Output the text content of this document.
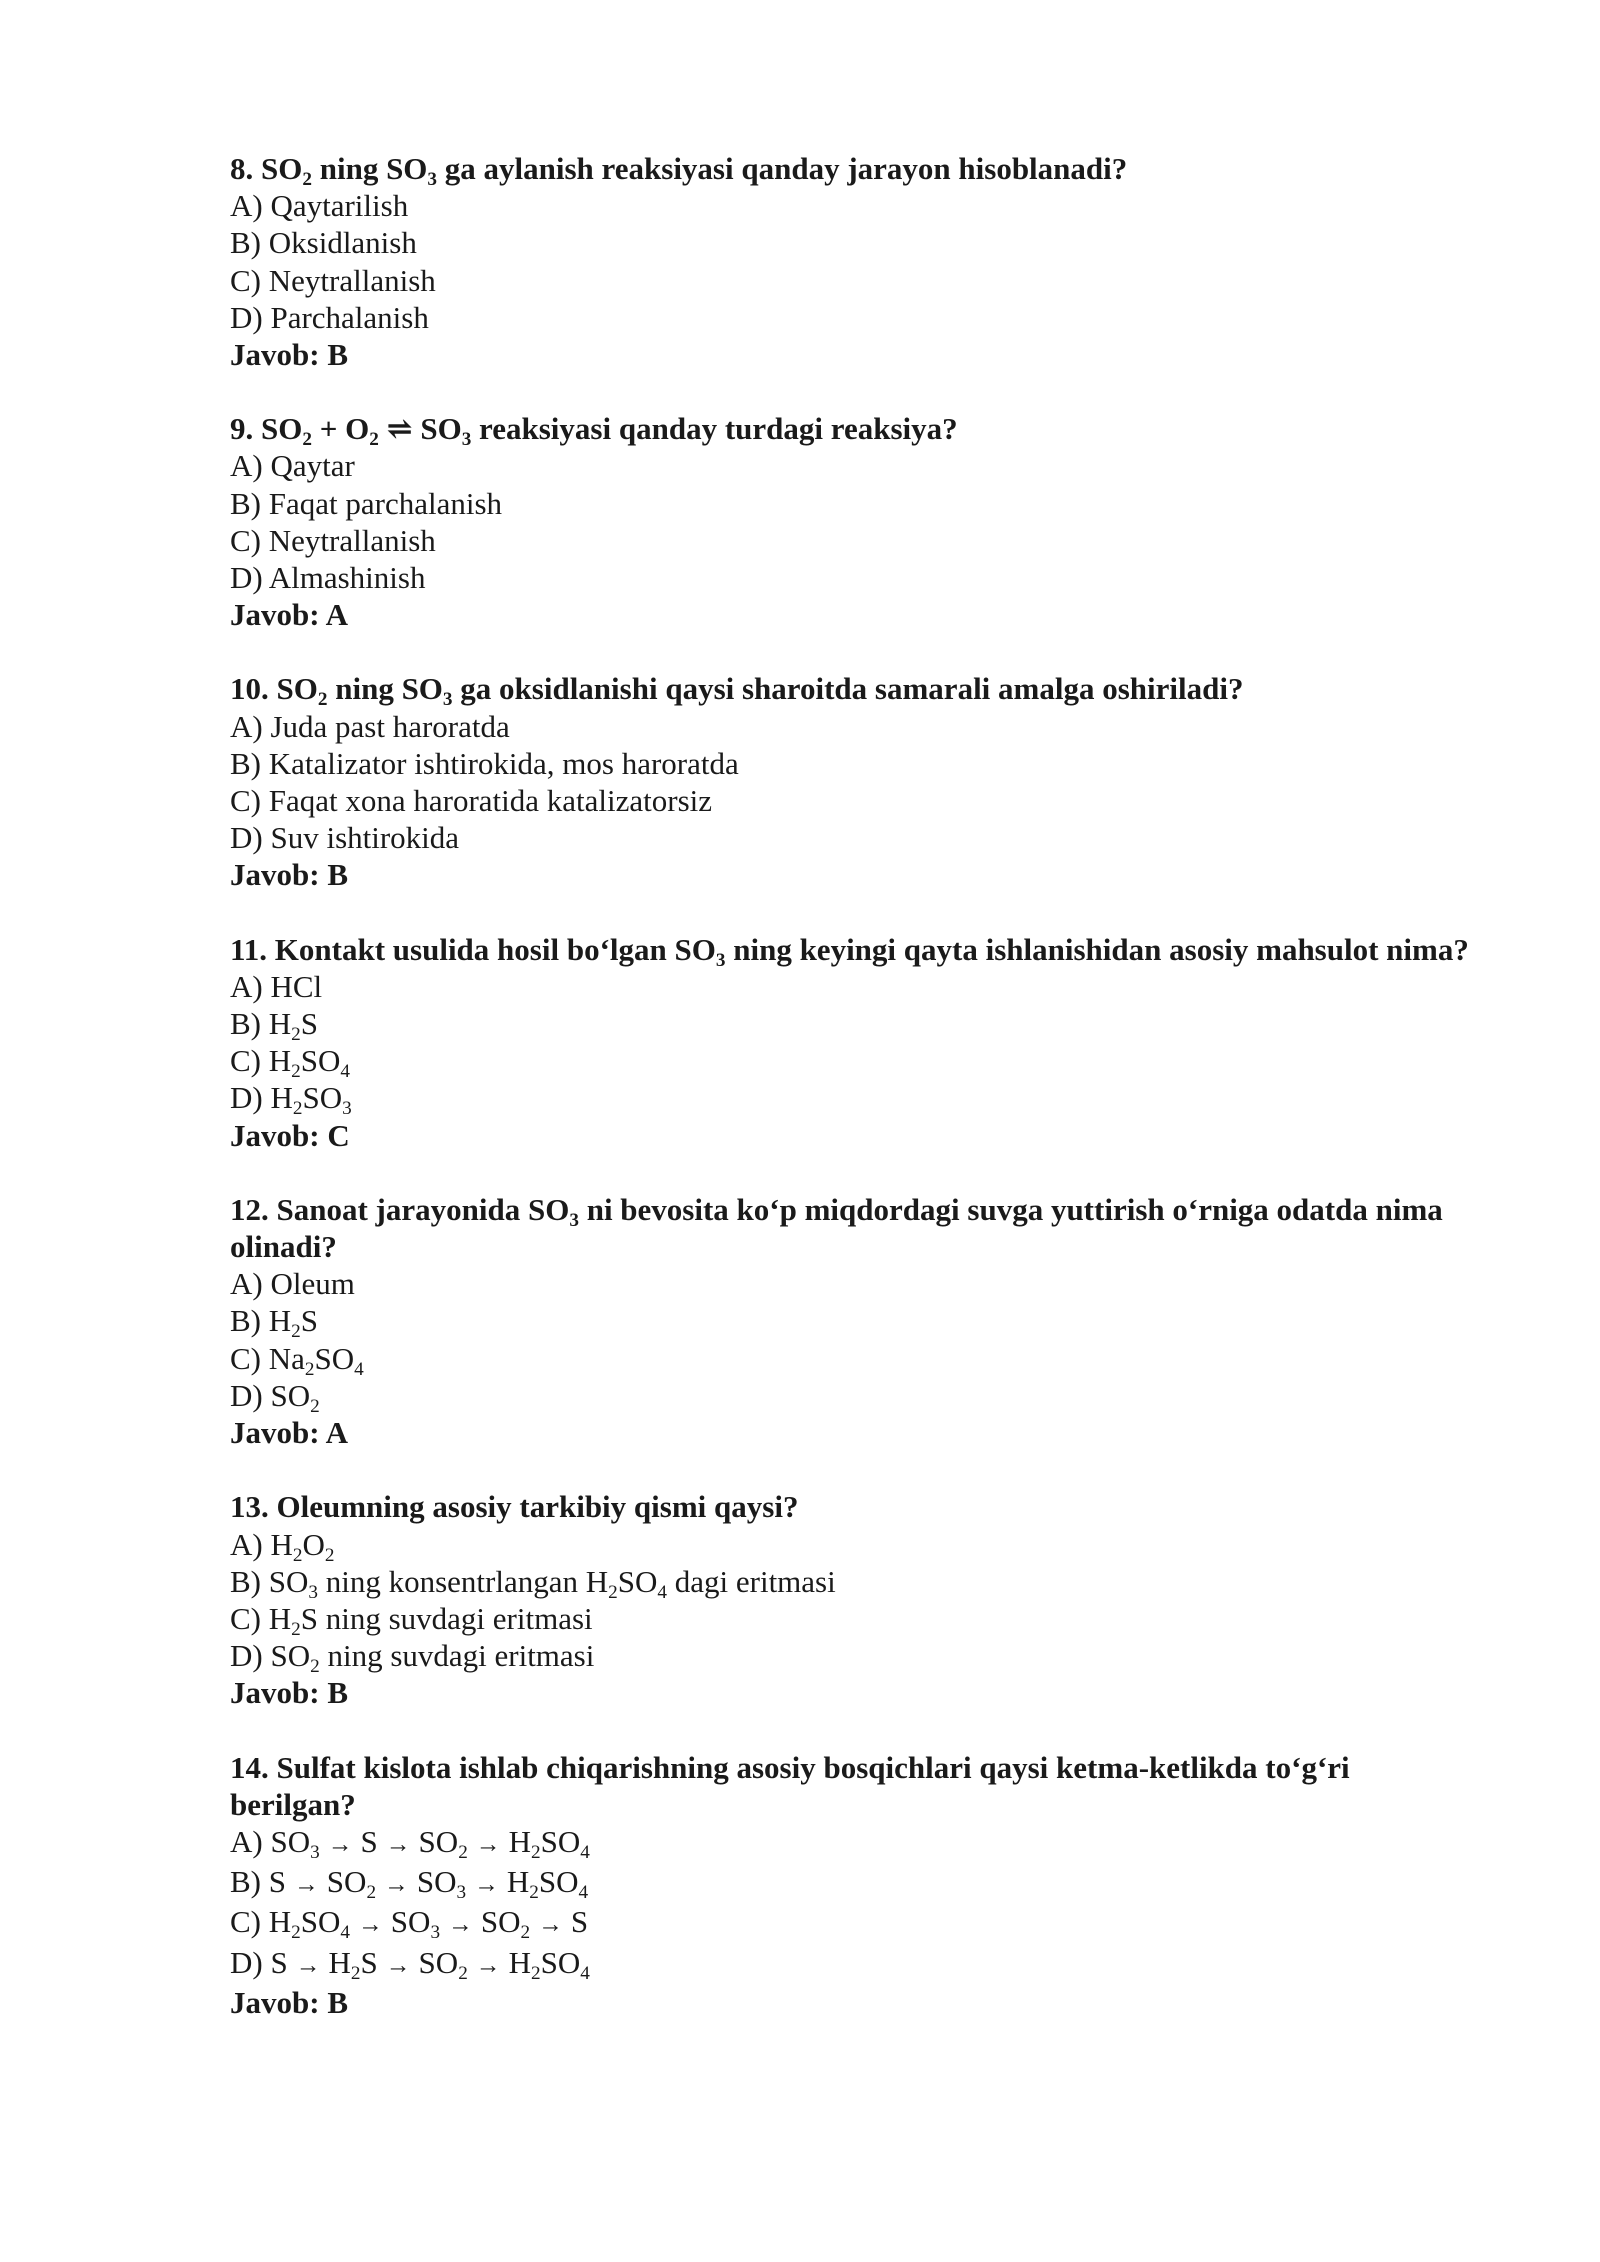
8. $SO_2$ ning $SO_3$ ga aylanish reaksiyasi qanday jarayon hisoblanadi?
A) Qaytarilish
B) Oksidlanish
C) Neytrallanish
D) Parchalanish
Javob: B
9. $SO_2 + O_2$ ⇌ $SO_3$ reaksiyasi qanday turdagi reaksiya?
A) Qaytar
B) Faqat parchalanish
C) Neytrallanish
D) Almashinish
Javob: A
10. $SO_2$ ning $SO_3$ ga oksidlanishi qaysi sharoitda samarali amalga oshiriladi?
A) Juda past haroratda
B) Katalizator ishtirokida, mos haroratda
C) Faqat xona haroratida katalizatorsiz
D) Suv ishtirokida
Javob: B
11. Kontakt usulida hosil bo‘lgan $SO_3$ ning keyingi qayta ishlanishidan asosiy mahsulot nima?
A) HCl
B) $H_2S$
C) $H_2SO_4$
D) $H_2SO_3$
Javob: C
12. Sanoat jarayonida $SO_3$ ni bevosita ko‘p miqdordagi suvga yuttirish o‘rniga odatda nima olinadi?
A) Oleum
B) $H_2S$
C) $Na_2SO_4$
D) $SO_2$
Javob: A
13. Oleumning asosiy tarkibiy qismi qaysi?
A) $H_2O_2$
B) $SO_3$ ning konsentrlangan $H_2SO_4$ dagi eritmasi
C) $H_2S$ ning suvdagi eritmasi
D) $SO_2$ ning suvdagi eritmasi
Javob: B
14. Sulfat kislota ishlab chiqarishning asosiy bosqichlari qaysi ketma-ketlikda to‘g‘ri berilgan?
A) $SO_3 \to S \to SO_2 \to H_2SO_4$
B) $S \to SO_2 \to SO_3 \to H_2SO_4$
C) $H_2SO_4 \to SO_3 \to SO_2 \to S$
D) $S \to H_2S \to SO_2 \to H_2SO_4$
Javob: B
